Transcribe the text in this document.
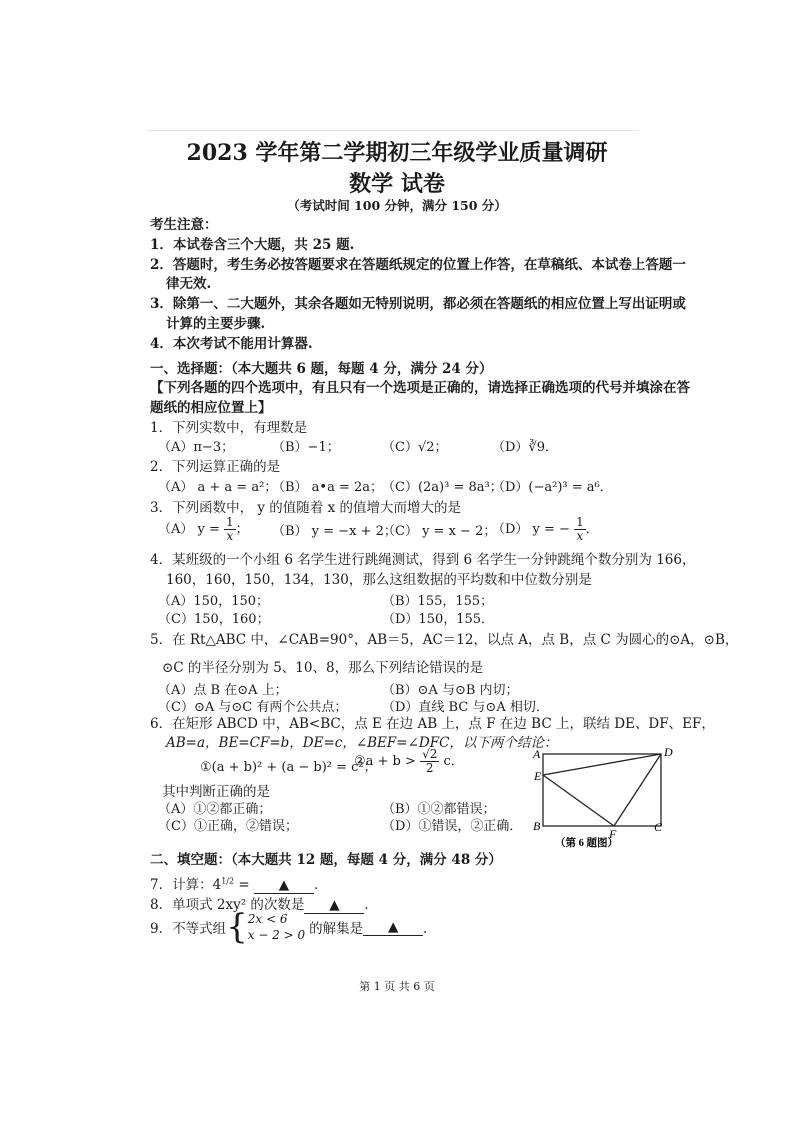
2023 学年第二学期初三年级学业质量调研
数学 试卷
（考试时间 100 分钟，满分 150 分）
考生注意：
1．本试卷含三个大题，共 25 题.
2．答题时，考生务必按答题要求在答题纸规定的位置上作答，在草稿纸、本试卷上答题一
律无效.
3．除第一、二大题外，其余各题如无特别说明，都必须在答题纸的相应位置上写出证明或
计算的主要步骤.
4．本次考试不能用计算器.
一、选择题：（本大题共 6 题，每题 4 分，满分 24 分）
【下列各题的四个选项中，有且只有一个选项是正确的，请选择正确选项的代号并填涂在答
题纸的相应位置上】
1．下列实数中，有理数是
（A）π−3；	（B）−1；	（C）√2；	（D）∛9．
2．下列运算正确的是
（A） a + a = a²；
（B） a•a = 2a；
（C）(2a)³ = 8a³；
（D）(−a²)³ = a⁶．
3．下列函数中， y 的值随着 x 的值增大而增大的是
（A） $y = \frac{1}{x}$ ； （B） y = −x + 2；
（C） y = x − 2；
（D） y = − $\frac{1}{x}$ ．
4．某班级的一个小组 6 名学生进行跳绳测试，得到 6 名学生一分钟跳绳个数分别为 166，
160，160，150，134，130，那么这组数据的平均数和中位数分别是
（A）150，150；	（B）155，155；
（C）150，160；	（D）150，155．
5．在 Rt△ABC 中，∠CAB=90°，AB＝5，AC＝12，以点 A，点 B，点 C 为圆心的⊙A，⊙B，
⊙C 的半径分别为 5、10、8，那么下列结论错误的是
（A）点 B 在⊙A 上；	（B）⊙A 与⊙B 内切；
（C）⊙A 与⊙C 有两个公共点；	（D）直线 BC 与⊙A 相切．
6．在矩形 ABCD 中，AB<BC，点 E 在边 AB 上，点 F 在边 BC 上，联结 DE、DF、EF，
AB=a，BE=CF=b，DE=c，∠BEF=∠DFC，以下两个结论：
①(a + b)² + (a − b)² = c²；
②a + $b > \frac{√2}{2}$ c．
其中判断正确的是
（A）①②都正确；	（B）①②都错误；
（C）①正确，②错误；	（D）①错误，②正确．
A
E
B
D
C
F
（第 6 题图）
二、填空题：（本大题共 12 题，每题 4 分，满分 48 分）
7．计算：$4^{1/2}$ = ▲ ．
8．单项式 2xy² 的次数是 ▲ ．
9．不等式组 { 2x < 6
x − 2 > 0 的解集是	▲	．
第 1 页 共 6 页
